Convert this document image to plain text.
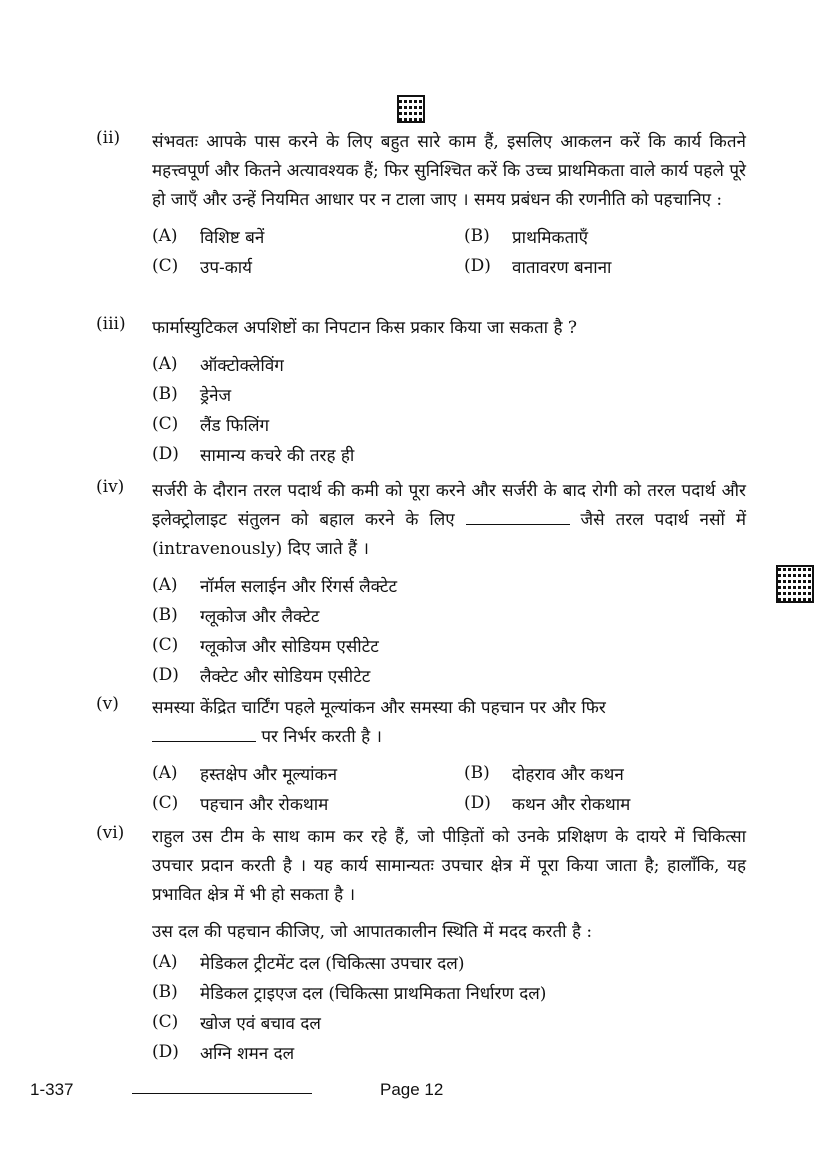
(ii)	संभवतः आपके पास करने के लिए बहुत सारे काम हैं, इसलिए आकलन करें कि कार्य कितने महत्त्वपूर्ण और कितने अत्यावश्यक हैं; फिर सुनिश्चित करें कि उच्च प्राथमिकता वाले कार्य पहले पूरे हो जाएँ और उन्हें नियमित आधार पर न टाला जाए । समय प्रबंधन की रणनीति को पहचानिए :
(A)	विशिष्ट बनें	(B)	प्राथमिकताएँ
(C)	उप-कार्य	(D)	वातावरण बनाना
(iii)	फार्मास्युटिकल अपशिष्टों का निपटान किस प्रकार किया जा सकता है ?
(A)	ऑक्टोक्लेविंग
(B)	ड्रेनेज
(C)	लैंड फिलिंग
(D)	सामान्य कचरे की तरह ही
(iv)	सर्जरी के दौरान तरल पदार्थ की कमी को पूरा करने और सर्जरी के बाद रोगी को तरल पदार्थ और इलेक्ट्रोलाइट संतुलन को बहाल करने के लिए	जैसे तरल पदार्थ नसों में (intravenously) दिए जाते हैं ।
(A)	नॉर्मल सलाईन और रिंगर्स लैक्टेट
(B)	ग्लूकोज और लैक्टेट
(C)	ग्लूकोज और सोडियम एसीटेट
(D)	लैक्टेट और सोडियम एसीटेट
(v)	समस्या केंद्रित चार्टिंग पहले मूल्यांकन और समस्या की पहचान पर और फिर
पर निर्भर करती है ।
(A)	हस्तक्षेप और मूल्यांकन	(B)	दोहराव और कथन
(C)	पहचान और रोकथाम	(D)	कथन और रोकथाम
(vi)	राहुल उस टीम के साथ काम कर रहे हैं, जो पीड़ितों को उनके प्रशिक्षण के दायरे में चिकित्सा उपचार प्रदान करती है । यह कार्य सामान्यतः उपचार क्षेत्र में पूरा किया जाता है; हालाँकि, यह प्रभावित क्षेत्र में भी हो सकता है ।
उस दल की पहचान कीजिए, जो आपातकालीन स्थिति में मदद करती है :
(A)	मेडिकल ट्रीटमेंट दल (चिकित्सा उपचार दल)
(B)	मेडिकल ट्राइएज दल (चिकित्सा प्राथमिकता निर्धारण दल)
(C)	खोज एवं बचाव दल
(D)	अग्नि शमन दल
1-337	Page 12
